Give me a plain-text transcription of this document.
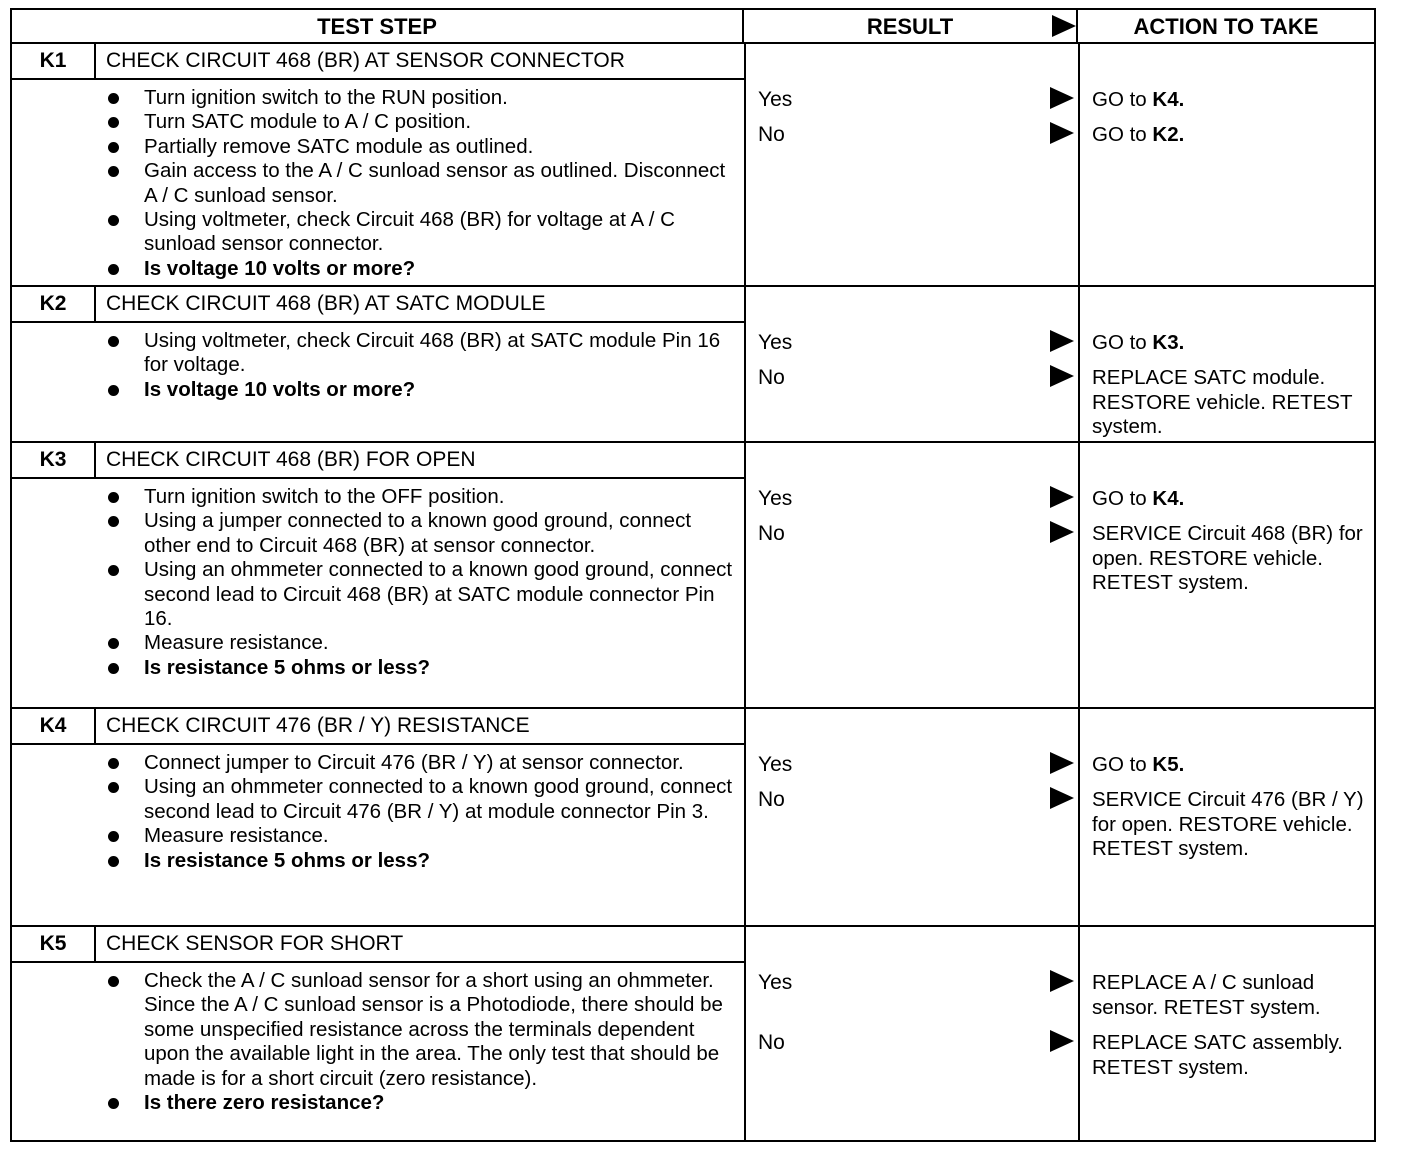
TEST STEP	RESULT	ACTION TO TAKE
K1	CHECK CIRCUIT 468 (BR) AT SENSOR CONNECTOR
Turn ignition switch to the RUN position.
Turn SATC module to A / C position.
Partially remove SATC module as outlined.
Gain access to the A / C sunload sensor as outlined. Disconnect A / C sunload sensor.
Using voltmeter, check Circuit 468 (BR) for voltage at A / C sunload sensor connector.
Is voltage 10 volts or more?
Yes	GO to K4.
No	GO to K2.
K2	CHECK CIRCUIT 468 (BR) AT SATC MODULE
Using voltmeter, check Circuit 468 (BR) at SATC module Pin 16 for voltage.
Is voltage 10 volts or more?
Yes	GO to K3.
No	REPLACE SATC module. RESTORE vehicle. RETEST system.
K3	CHECK CIRCUIT 468 (BR) FOR OPEN
Turn ignition switch to the OFF position.
Using a jumper connected to a known good ground, connect other end to Circuit 468 (BR) at sensor connector.
Using an ohmmeter connected to a known good ground, connect second lead to Circuit 468 (BR) at SATC module connector Pin 16.
Measure resistance.
Is resistance 5 ohms or less?
Yes	GO to K4.
No	SERVICE Circuit 468 (BR) for open. RESTORE vehicle. RETEST system.
K4	CHECK CIRCUIT 476 (BR / Y) RESISTANCE
Connect jumper to Circuit 476 (BR / Y) at sensor connector.
Using an ohmmeter connected to a known good ground, connect second lead to Circuit 476 (BR / Y) at module connector Pin 3.
Measure resistance.
Is resistance 5 ohms or less?
Yes	GO to K5.
No	SERVICE Circuit 476 (BR / Y) for open. RESTORE vehicle. RETEST system.
K5	CHECK SENSOR FOR SHORT
Check the A / C sunload sensor for a short using an ohmmeter. Since the A / C sunload sensor is a Photodiode, there should be some unspecified resistance across the terminals dependent upon the available light in the area. The only test that should be made is for a short circuit (zero resistance).
Is there zero resistance?
Yes	REPLACE A / C sunload sensor. RETEST system.
No	REPLACE SATC assembly. RETEST system.
